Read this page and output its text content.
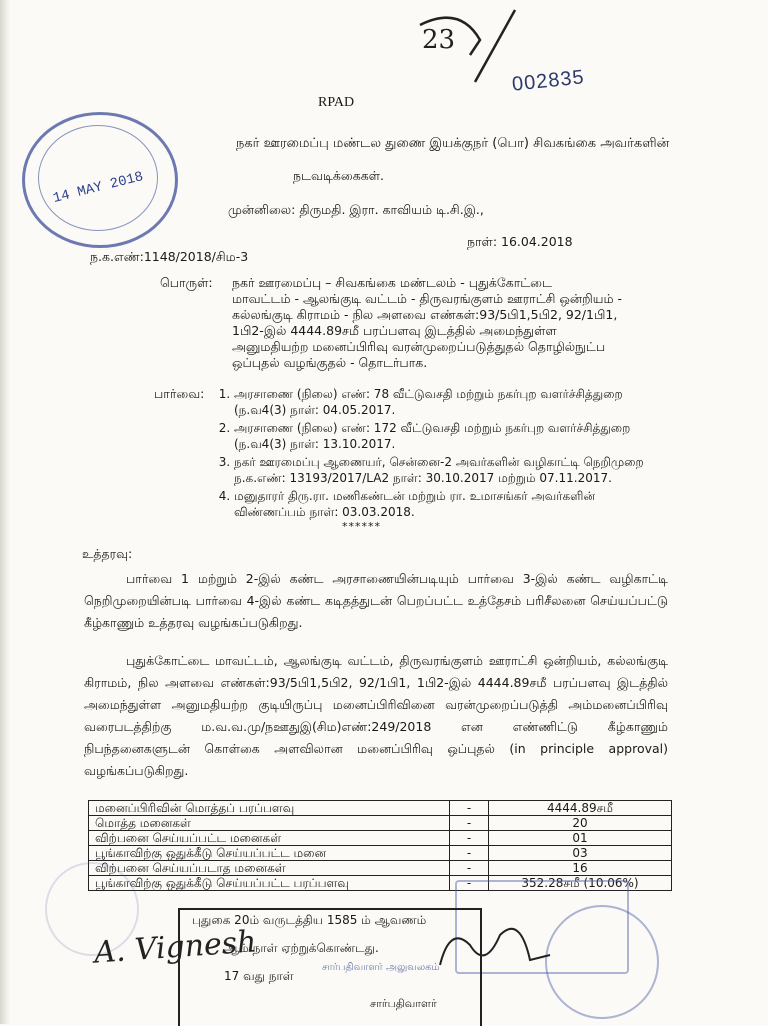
23
002835
RPAD
14 MAY 2018
நகர் ஊரமைப்பு மண்டல துணை இயக்குநர் (பொ) சிவகங்கை அவர்களின்
நடவடிக்கைகள்.
முன்னிலை: திருமதி. இரா. காவியம் டி.சி.இ.,
நாள்: 16.04.2018
ந.க.எண்:1148/2018/சிம-3
பொருள்: நகர் ஊரமைப்பு – சிவகங்கை மண்டலம் - புதுக்கோட்டை
மாவட்டம் - ஆலங்குடி வட்டம் - திருவரங்குளம் ஊராட்சி ஒன்றியம் -
கல்லங்குடி கிராமம் - நில அளவை எண்கள்:93/5பி1,5பி2, 92/1பி1,
1பி2-இல் 4444.89சமீ பரப்பளவு இடத்தில் அமைந்துள்ள
அனுமதியற்ற மனைப்பிரிவு வரன்முறைப்படுத்துதல் தொழில்நுட்ப
ஒப்புதல் வழங்குதல் - தொடர்பாக.
பார்வை: 1. அரசாணை (நிலை) எண்: 78 வீட்டுவசதி மற்றும் நகர்புற வளர்ச்சித்துறை (ந.வ4(3) நாள்: 04.05.2017.
2. அரசாணை (நிலை) எண்: 172 வீட்டுவசதி மற்றும் நகர்புற வளர்ச்சித்துறை (ந.வ4(3) நாள்: 13.10.2017.
3. நகர் ஊரமைப்பு ஆணையர், சென்னை-2 அவர்களின் வழிகாட்டி நெறிமுறை ந.க.எண்: 13193/2017/LA2 நாள்: 30.10.2017 மற்றும் 07.11.2017.
4. மனுதாரர் திரு.ரா. மணிகண்டன் மற்றும் ரா. உமாசங்கர் அவர்களின் விண்ணப்பம் நாள்: 03.03.2018.
******
உத்தரவு:
பார்வை 1 மற்றும் 2-இல் கண்ட அரசாணையின்படியும் பார்வை 3-இல் கண்ட வழிகாட்டி நெறிமுறையின்படி பார்வை 4-இல் கண்ட கடிதத்துடன் பெறப்பட்ட உத்தேசம் பரிசீலனை செய்யப்பட்டு கீழ்காணும் உத்தரவு வழங்கப்படுகிறது.
புதுக்கோட்டை மாவட்டம், ஆலங்குடி வட்டம், திருவரங்குளம் ஊராட்சி ஒன்றியம், கல்லங்குடி கிராமம், நில அளவை எண்கள்:93/5பி1,5பி2, 92/1பி1, 1பி2-இல் 4444.89சமீ பரப்பளவு இடத்தில் அமைந்துள்ள அனுமதியற்ற குடியிருப்பு மனைப்பிரிவினை வரன்முறைப்படுத்தி அம்மனைப்பிரிவு வரைபடத்திற்கு ம.வ.வ.மு/நஊதுஇ(சிம)எண்:249/2018 என எண்ணிட்டு கீழ்காணும் நிபந்தனைகளுடன் கொள்கை அளவிலான மனைப்பிரிவு ஒப்புதல் (in principle approval) வழங்கப்படுகிறது.
மனைப்பிரிவின் மொத்தப் பரப்பளவு	-	4444.89சமீ
மொத்த மனைகள்	-	20
விற்பனை செய்யப்பட்ட மனைகள்	-	01
பூங்காவிற்கு ஒதுக்கீடு செய்யப்பட்ட மனை	-	03
விற்பனை செய்யப்படாத மனைகள்	-	16
பூங்காவிற்கு ஒதுக்கீடு செய்யப்பட்ட பரப்பளவு	-	352.28சமீ (10.06%)
புதுகை 20ம் வருடத்திய 1585 ம் ஆவணம்
ஆம் நாள் ஏற்றுக்கொண்டது.
17 வது நாள்
சார்பதிவாளர்
சார்பதிவாளர் அலுவலகம்
A. Vignesh
